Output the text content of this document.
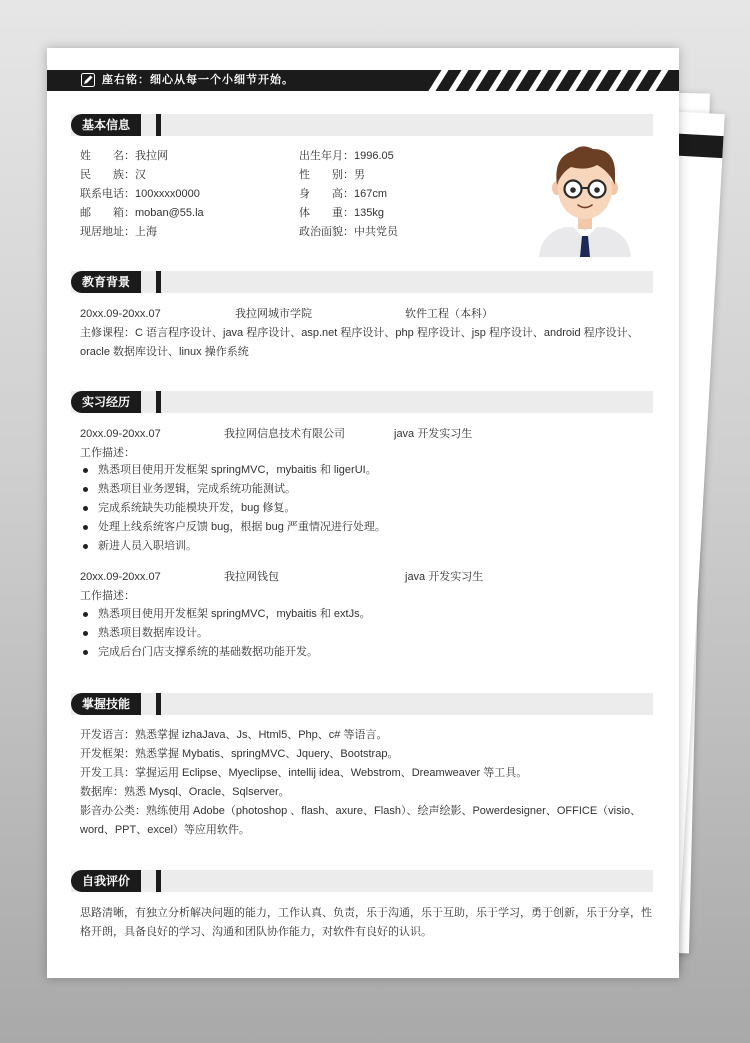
座右铭：细心从每一个小细节开始。
基本信息
姓　　名：我拉网	出生年月：1996.05
民　　族：汉	性　　别：男
联系电话：100xxxx0000	身　　高：167cm
邮　　箱：moban@55.la	体　　重：135kg
现居地址：上海	政治面貌：中共党员
教育背景
20xx.09-20xx.07	我拉网城市学院	软件工程（本科）
主修课程：C 语言程序设计、java 程序设计、asp.net 程序设计、php 程序设计、jsp 程序设计、android 程序设计、oracle 数据库设计、linux 操作系统
实习经历
20xx.09-20xx.07	我拉网信息技术有限公司	java 开发实习生
工作描述：
熟悉项目使用开发框架 springMVC，mybaitis 和 ligerUI。
熟悉项目业务逻辑，完成系统功能测试。
完成系统缺失功能模块开发，bug 修复。
处理上线系统客户反馈 bug，根据 bug 严重情况进行处理。
新进人员入职培训。
20xx.09-20xx.07	我拉网钱包	java 开发实习生
工作描述：
熟悉项目使用开发框架 springMVC，mybaitis 和 extJs。
熟悉项目数据库设计。
完成后台门店支撑系统的基础数据功能开发。
掌握技能
开发语言：熟悉掌握 izhaJava、Js、Html5、Php、c# 等语言。
开发框架：熟悉掌握 Mybatis、springMVC、Jquery、Bootstrap。
开发工具：掌握运用 Eclipse、Myeclipse、intellij idea、Webstrom、Dreamweaver 等工具。
数据库：熟悉 Mysql、Oracle、Sqlserver。
影音办公类：熟练使用 Adobe（photoshop 、flash、axure、Flash）、绘声绘影、Powerdesigner、OFFICE（visio、word、PPT、excel）等应用软件。
自我评价
思路清晰，有独立分析解决问题的能力，工作认真、负责，乐于沟通，乐于互助，乐于学习，勇于创新，乐于分享，性格开朗，具备良好的学习、沟通和团队协作能力，对软件有良好的认识。
